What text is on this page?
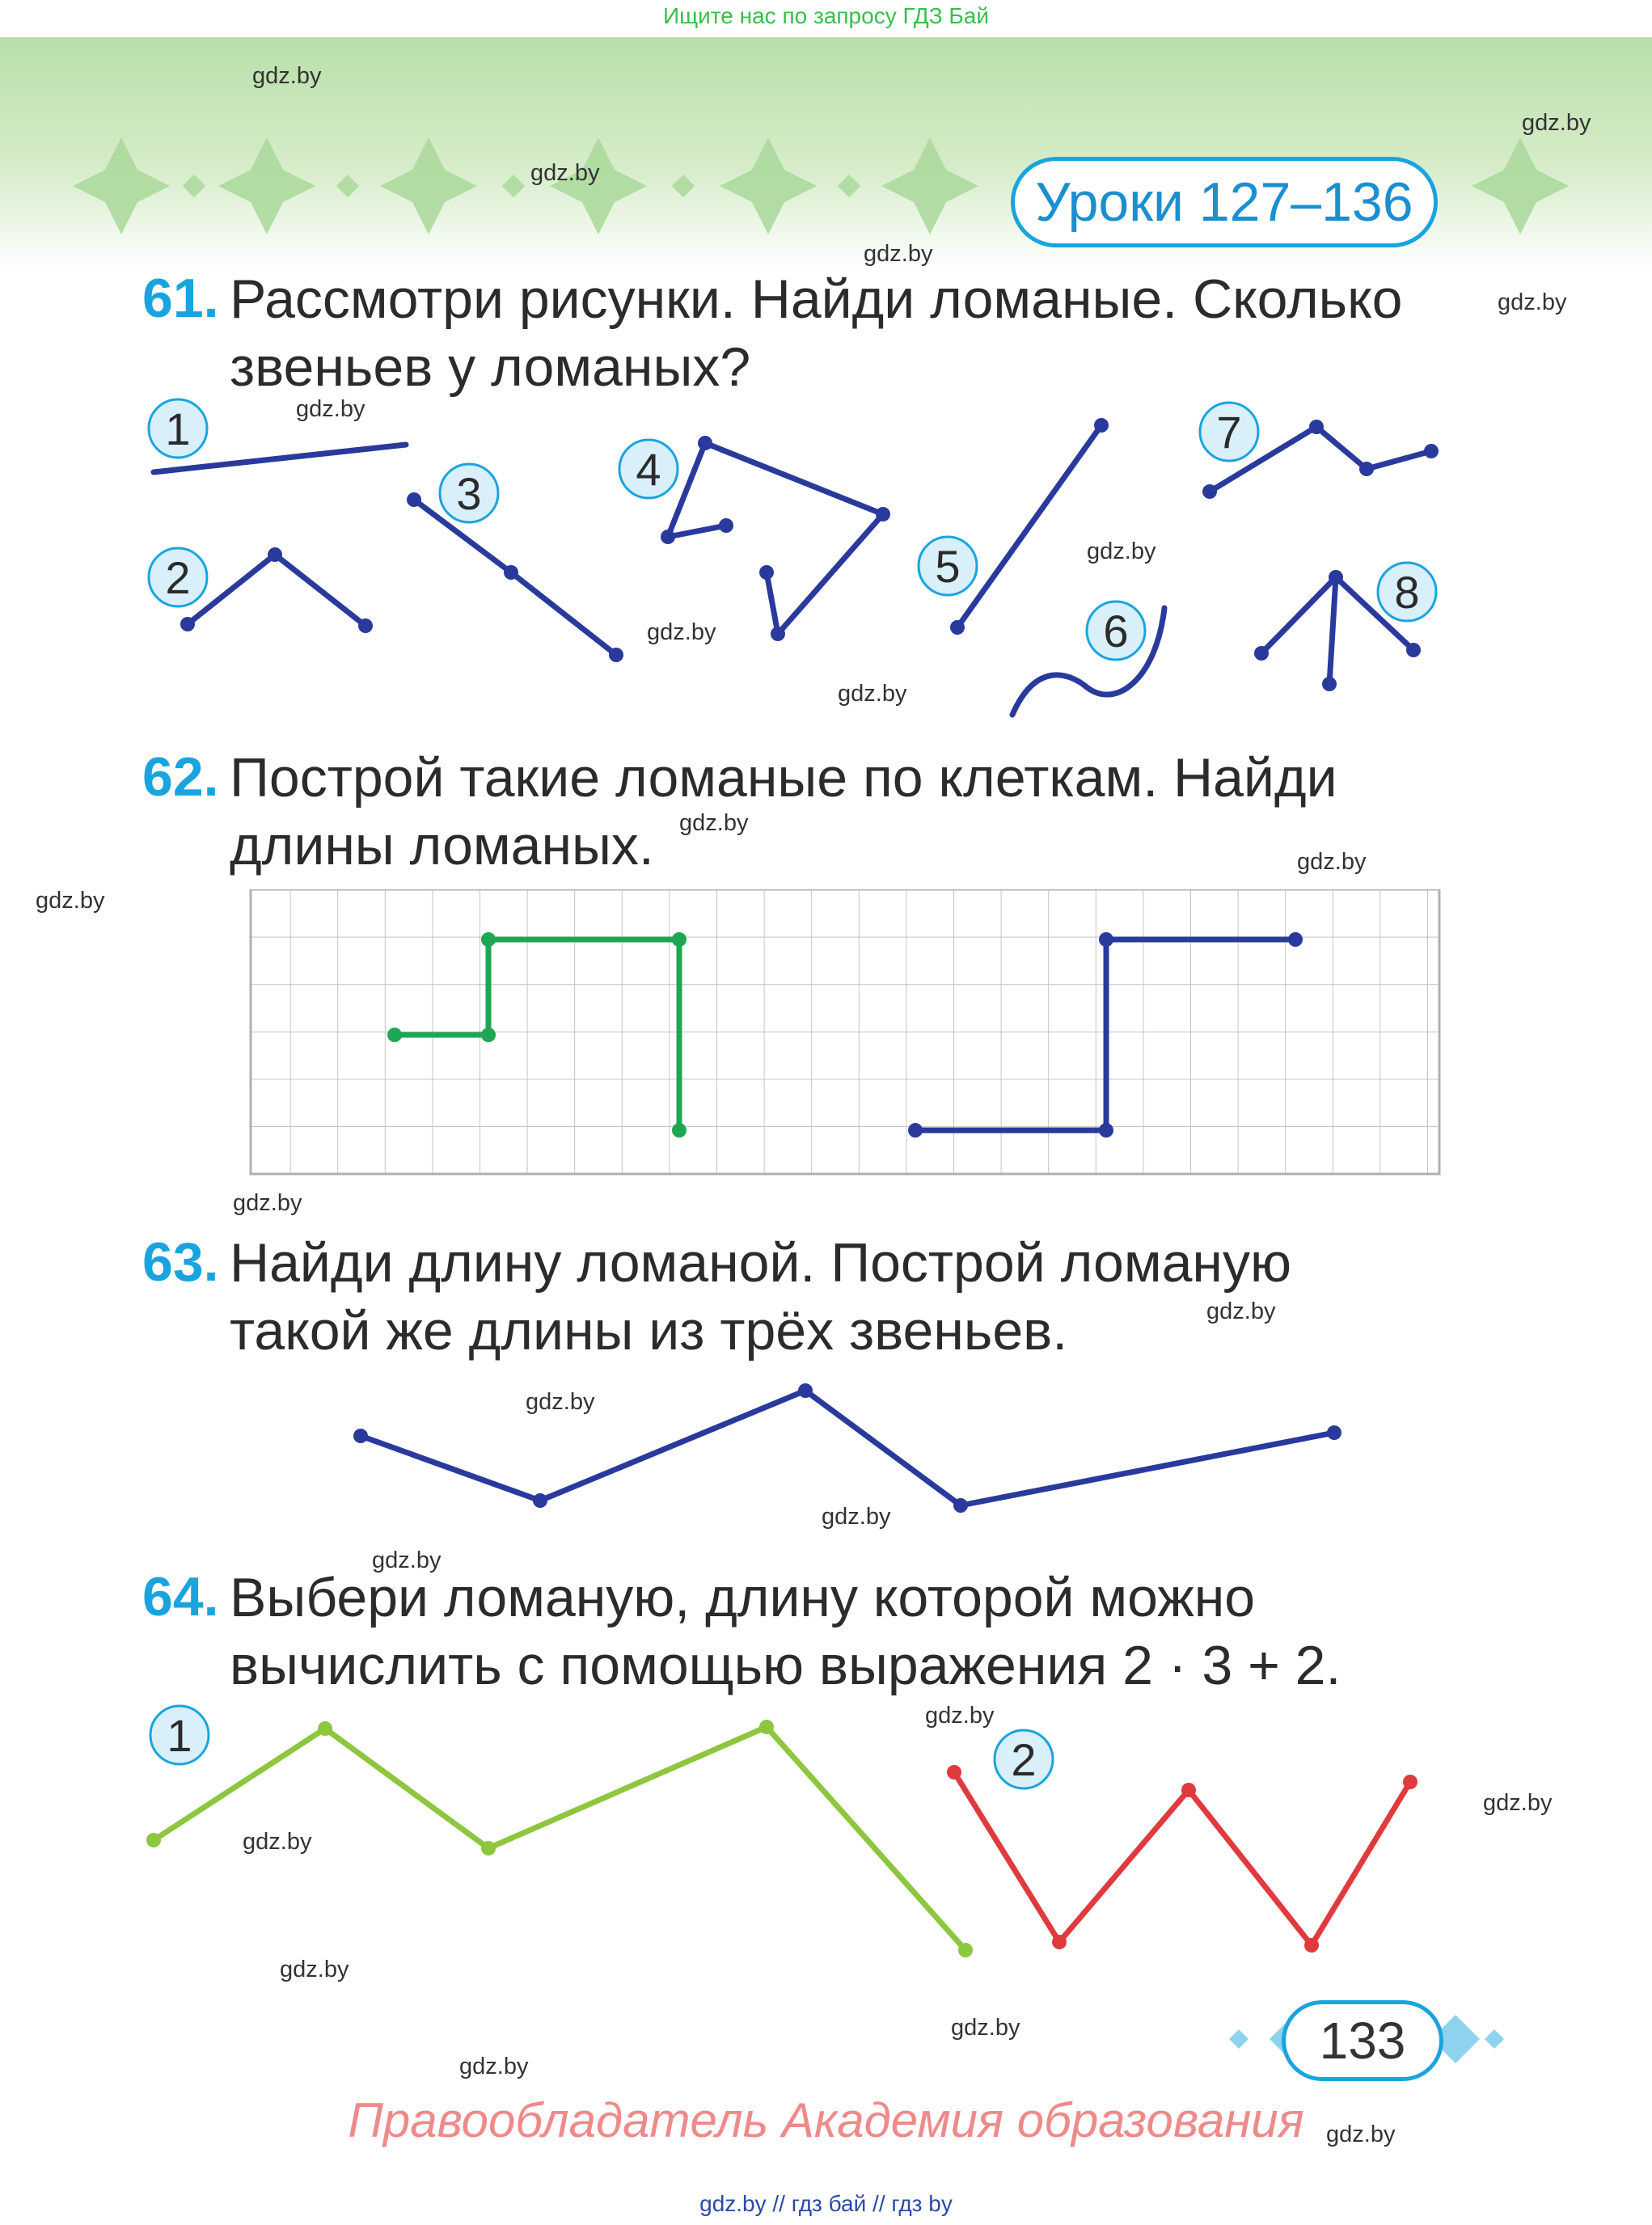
Ищите нас по запросу ГДЗ Бай
Уроки 127–136
gdz.by
gdz.by
gdz.by
gdz.by
gdz.by
gdz.by
gdz.by
gdz.by
gdz.by
gdz.by
gdz.by
gdz.by
gdz.by
gdz.by
gdz.by
gdz.by
gdz.by
gdz.by
gdz.by
gdz.by
gdz.by
gdz.by
gdz.by
gdz.by
61. Рассмотри рисунки. Найди ломаные. Сколько
звеньев у ломаных?
1
2
3	4
5
6
7
8
62. Построй такие ломаные по клеткам. Найди
длины ломаных.
63. Найди длину ломаной. Построй ломаную
такой же длины из трёх звеньев.
64. Выбери ломаную, длину которой можно
вычислить с помощью выражения 2 · 3 + 2.
1	2
133
Правообладатель Академия образования
gdz.by // гдз бай // гдз by
